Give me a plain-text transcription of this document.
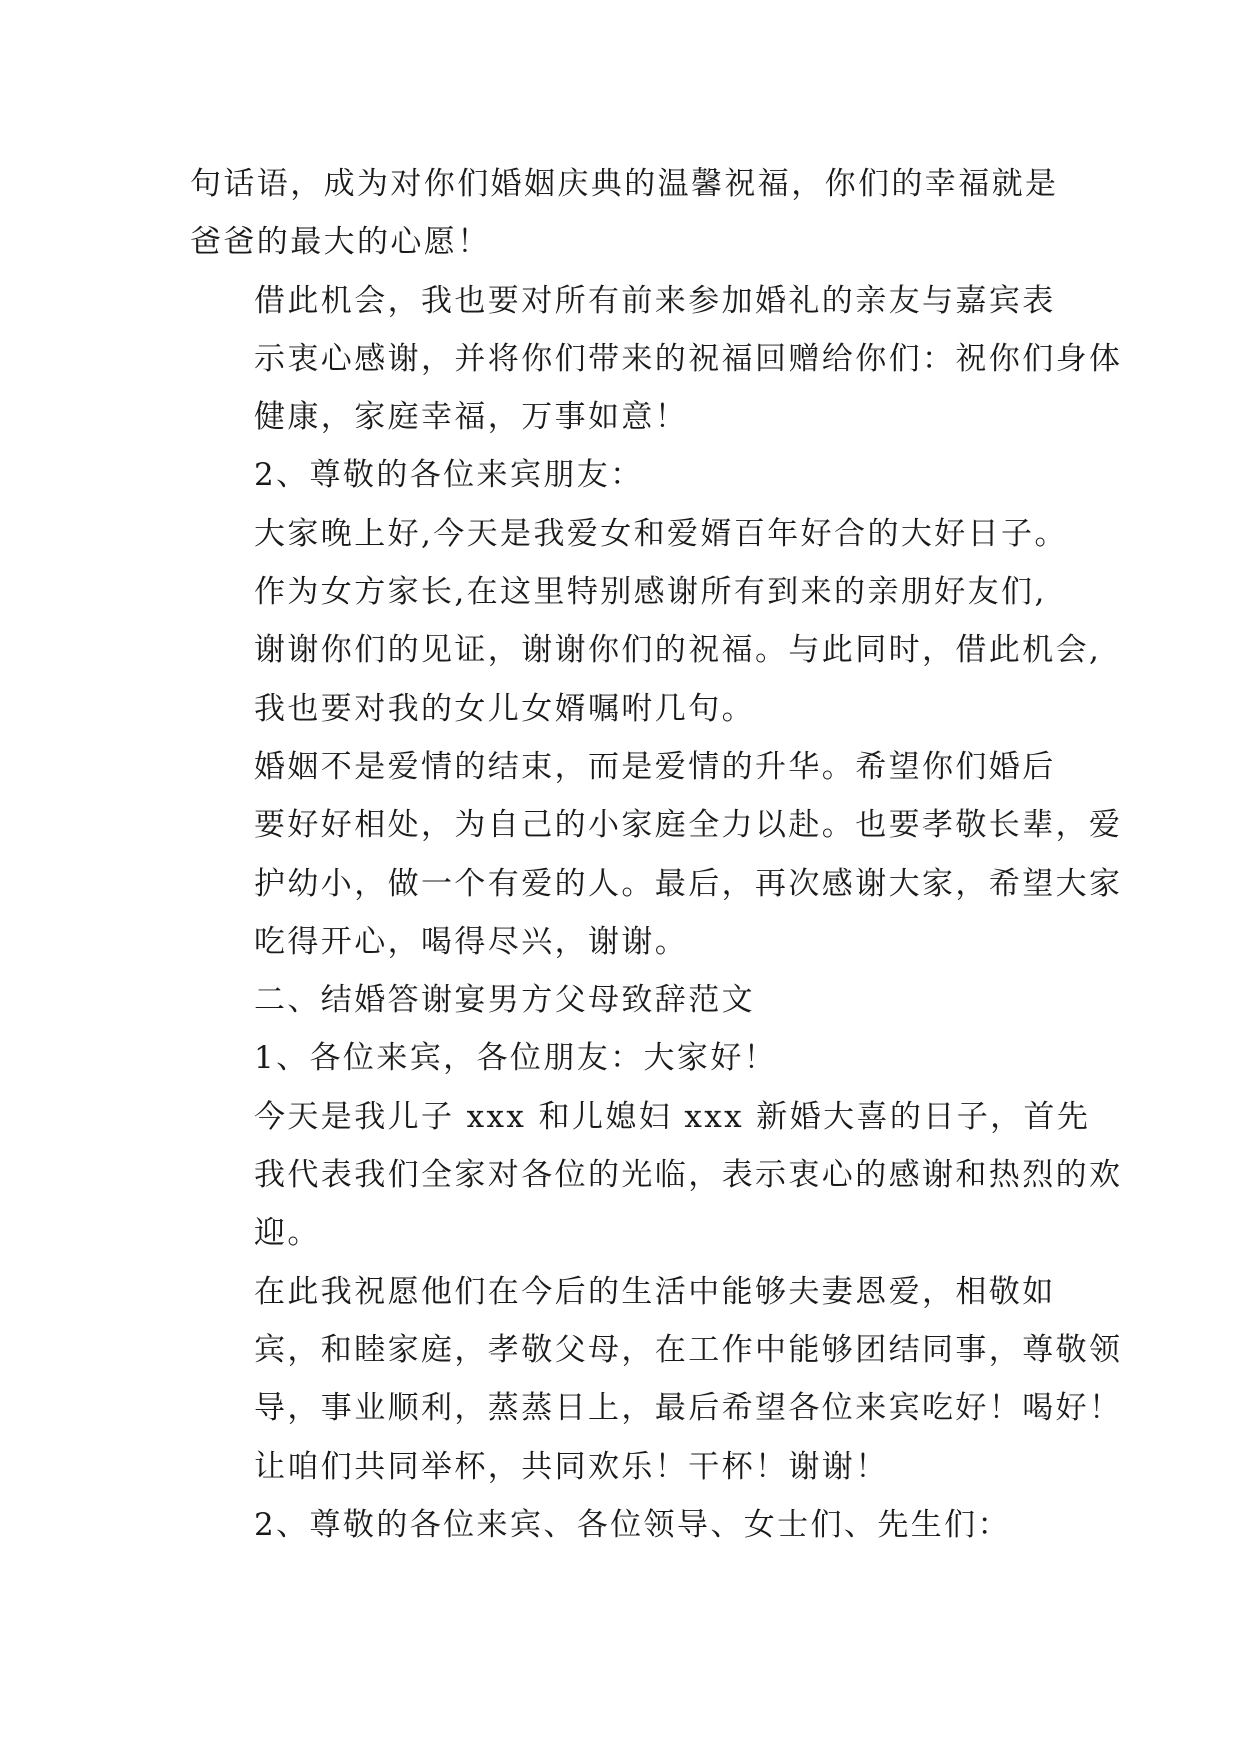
句话语，成为对你们婚姻庆典的温馨祝福，你们的幸福就是
爸爸的最大的心愿！

借此机会，我也要对所有前来参加婚礼的亲友与嘉宾表
示衷心感谢，并将你们带来的祝福回赠给你们：祝你们身体
健康，家庭幸福，万事如意！

2、尊敬的各位来宾朋友：

大家晚上好,今天是我爱女和爱婿百年好合的大好日子。

作为女方家长,在这里特别感谢所有到来的亲朋好友们,
谢谢你们的见证，谢谢你们的祝福。与此同时，借此机会,
我也要对我的女儿女婿嘱咐几句。

婚姻不是爱情的结束，而是爱情的升华。希望你们婚后
要好好相处，为自己的小家庭全力以赴。也要孝敬长辈，爱
护幼小，做一个有爱的人。最后，再次感谢大家，希望大家
吃得开心，喝得尽兴，谢谢。

二、结婚答谢宴男方父母致辞范文

1、各位来宾，各位朋友：大家好！

今天是我儿子 xxx 和儿媳妇 xxx 新婚大喜的日子，首先
我代表我们全家对各位的光临，表示衷心的感谢和热烈的欢
迎。

在此我祝愿他们在今后的生活中能够夫妻恩爱，相敬如
宾，和睦家庭，孝敬父母，在工作中能够团结同事，尊敬领
导，事业顺利，蒸蒸日上，最后希望各位来宾吃好！喝好！
让咱们共同举杯，共同欢乐！干杯！谢谢！

2、尊敬的各位来宾、各位领导、女士们、先生们：
